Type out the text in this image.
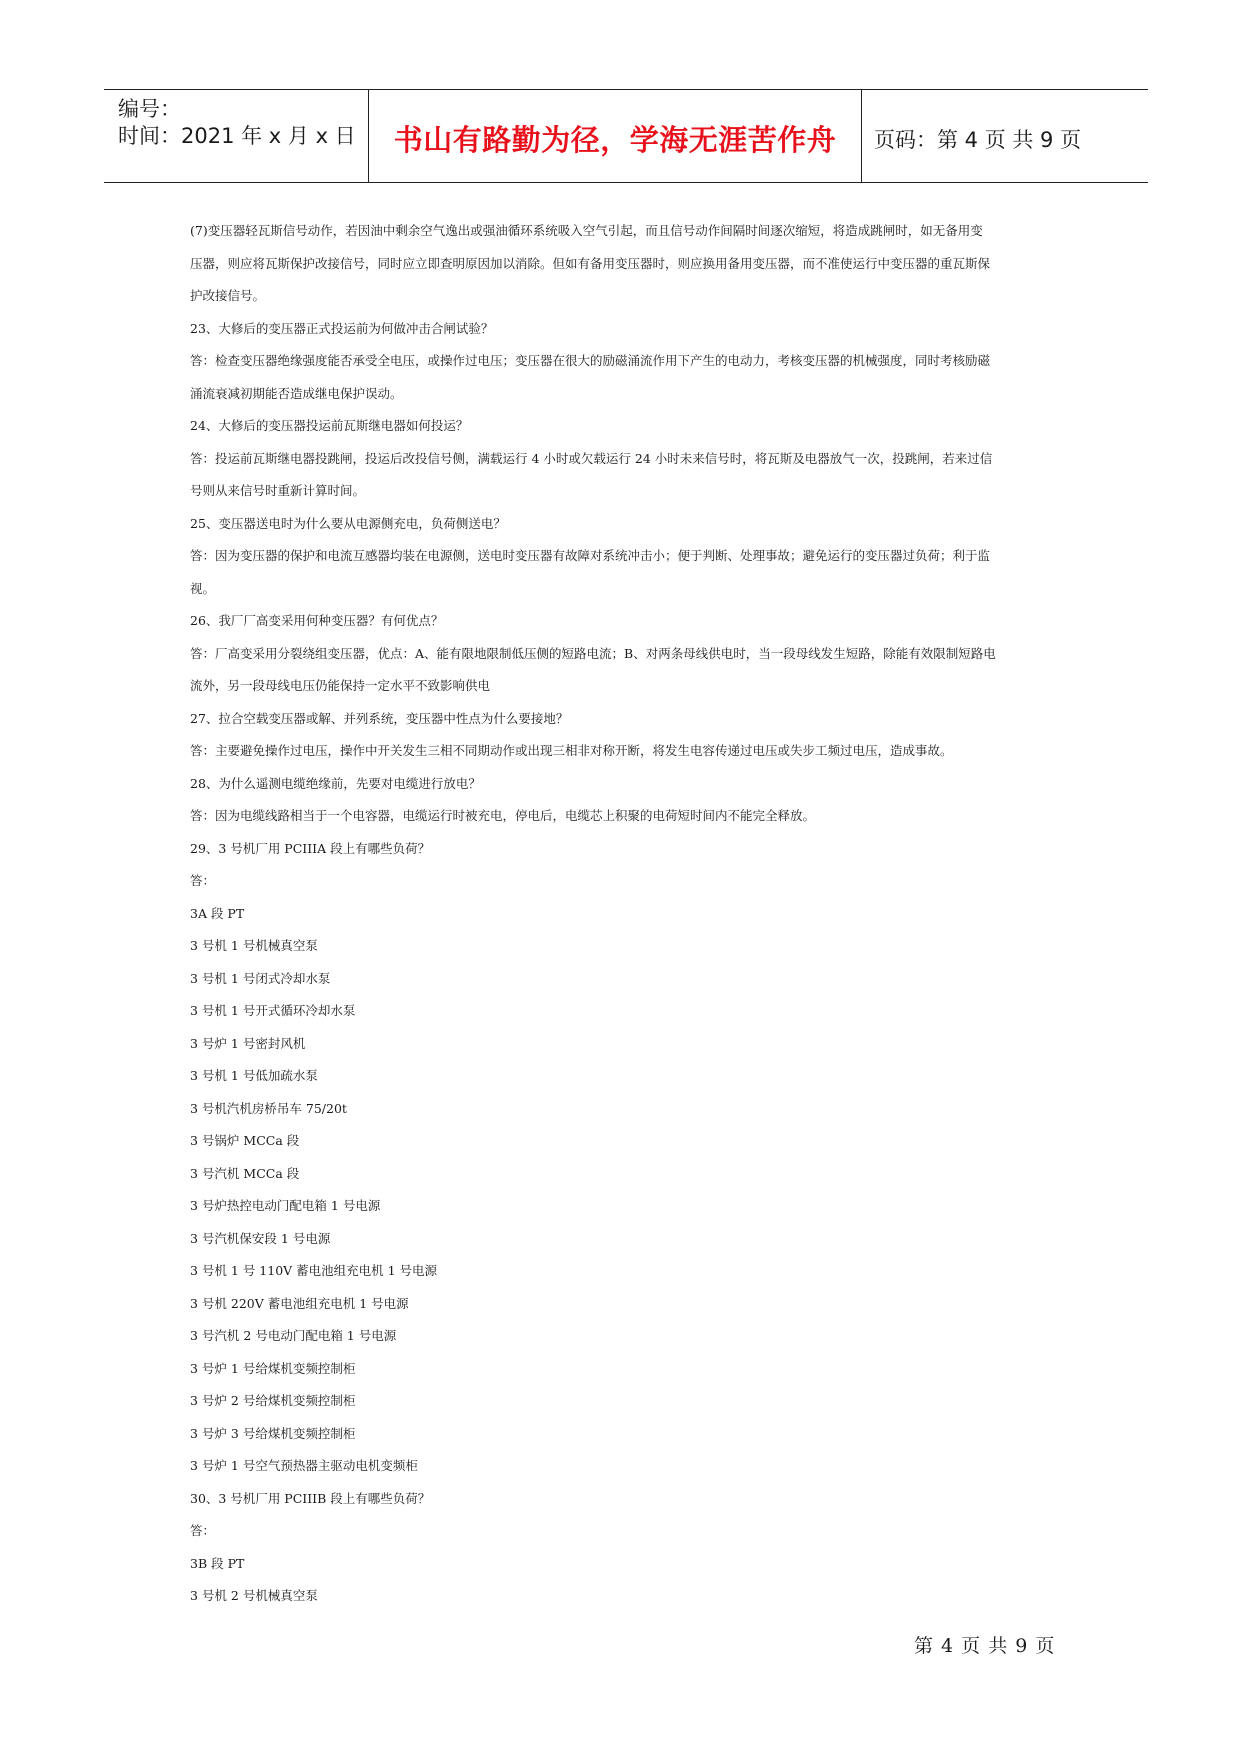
编号：
时间：2021 年 x 月 x 日	书山有路勤为径，学海无涯苦作舟	页码：第 4 页 共 9 页
(7)变压器轻瓦斯信号动作，若因油中剩余空气逸出或强油循环系统吸入空气引起，而且信号动作间隔时间逐次缩短，将造成跳闸时，如无备用变
压器，则应将瓦斯保护改接信号，同时应立即查明原因加以消除。但如有备用变压器时，则应换用备用变压器，而不准使运行中变压器的重瓦斯保
护改接信号。
23、大修后的变压器正式投运前为何做冲击合闸试验？
答：检查变压器绝缘强度能否承受全电压，或操作过电压；变压器在很大的励磁涌流作用下产生的电动力，考核变压器的机械强度，同时考核励磁
涌流衰减初期能否造成继电保护误动。
24、大修后的变压器投运前瓦斯继电器如何投运？
答：投运前瓦斯继电器投跳闸，投运后改投信号侧，满载运行 4 小时或欠载运行 24 小时未来信号时，将瓦斯及电器放气一次，投跳闸，若来过信
号则从来信号时重新计算时间。
25、变压器送电时为什么要从电源侧充电，负荷侧送电？
答：因为变压器的保护和电流互感器均装在电源侧，送电时变压器有故障对系统冲击小；便于判断、处理事故；避免运行的变压器过负荷；利于监
视。
26、我厂厂高变采用何种变压器？有何优点？
答：厂高变采用分裂绕组变压器，优点：A、能有限地限制低压侧的短路电流；B、对两条母线供电时，当一段母线发生短路，除能有效限制短路电
流外，另一段母线电压仍能保持一定水平不致影响供电
27、拉合空载变压器或解、并列系统，变压器中性点为什么要接地？
答：主要避免操作过电压，操作中开关发生三相不同期动作或出现三相非对称开断，将发生电容传递过电压或失步工频过电压，造成事故。
28、为什么遥测电缆绝缘前，先要对电缆进行放电？
答：因为电缆线路相当于一个电容器，电缆运行时被充电，停电后，电缆芯上积聚的电荷短时间内不能完全释放。
29、3 号机厂用 PCIIIA 段上有哪些负荷？
答：
3A 段 PT
3 号机 1 号机械真空泵
3 号机 1 号闭式冷却水泵
3 号机 1 号开式循环冷却水泵
3 号炉 1 号密封风机
3 号机 1 号低加疏水泵
3 号机汽机房桥吊车 75/20t
3 号锅炉 MCCa 段
3 号汽机 MCCa 段
3 号炉热控电动门配电箱 1 号电源
3 号汽机保安段 1 号电源
3 号机 1 号 110V 蓄电池组充电机 1 号电源
3 号机 220V 蓄电池组充电机 1 号电源
3 号汽机 2 号电动门配电箱 1 号电源
3 号炉 1 号给煤机变频控制柜
3 号炉 2 号给煤机变频控制柜
3 号炉 3 号给煤机变频控制柜
3 号炉 1 号空气预热器主驱动电机变频柜
30、3 号机厂用 PCIIIB 段上有哪些负荷？
答：
3B 段 PT
3 号机 2 号机械真空泵
第 4 页 共 9 页
